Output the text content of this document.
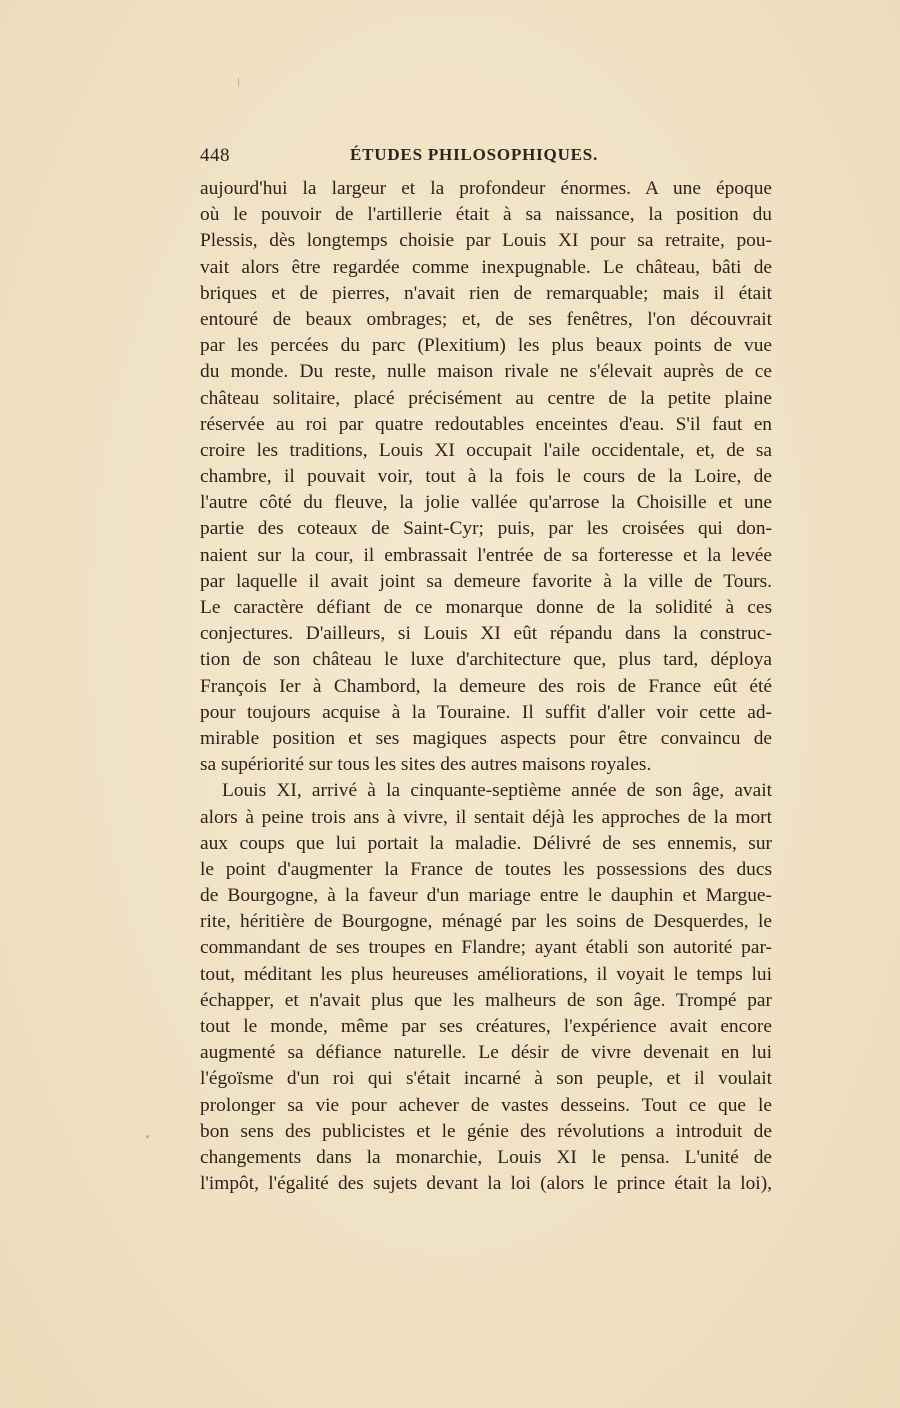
448	ÉTUDES PHILOSOPHIQUES.
aujourd'hui la largeur et la profondeur énormes. A une époque
où le pouvoir de l'artillerie était à sa naissance, la position du
Plessis, dès longtemps choisie par Louis XI pour sa retraite, pou-
vait alors être regardée comme inexpugnable. Le château, bâti de
briques et de pierres, n'avait rien de remarquable; mais il était
entouré de beaux ombrages; et, de ses fenêtres, l'on découvrait
par les percées du parc (Plexitium) les plus beaux points de vue
du monde. Du reste, nulle maison rivale ne s'élevait auprès de ce
château solitaire, placé précisément au centre de la petite plaine
réservée au roi par quatre redoutables enceintes d'eau. S'il faut en
croire les traditions, Louis XI occupait l'aile occidentale, et, de sa
chambre, il pouvait voir, tout à la fois le cours de la Loire, de
l'autre côté du fleuve, la jolie vallée qu'arrose la Choisille et une
partie des coteaux de Saint-Cyr; puis, par les croisées qui don-
naient sur la cour, il embrassait l'entrée de sa forteresse et la levée
par laquelle il avait joint sa demeure favorite à la ville de Tours.
Le caractère défiant de ce monarque donne de la solidité à ces
conjectures. D'ailleurs, si Louis XI eût répandu dans la construc-
tion de son château le luxe d'architecture que, plus tard, déploya
François Ier à Chambord, la demeure des rois de France eût été
pour toujours acquise à la Touraine. Il suffit d'aller voir cette ad-
mirable position et ses magiques aspects pour être convaincu de
sa supériorité sur tous les sites des autres maisons royales.
Louis XI, arrivé à la cinquante-septième année de son âge, avait
alors à peine trois ans à vivre, il sentait déjà les approches de la mort
aux coups que lui portait la maladie. Délivré de ses ennemis, sur
le point d'augmenter la France de toutes les possessions des ducs
de Bourgogne, à la faveur d'un mariage entre le dauphin et Margue-
rite, héritière de Bourgogne, ménagé par les soins de Desquerdes, le
commandant de ses troupes en Flandre; ayant établi son autorité par-
tout, méditant les plus heureuses améliorations, il voyait le temps lui
échapper, et n'avait plus que les malheurs de son âge. Trompé par
tout le monde, même par ses créatures, l'expérience avait encore
augmenté sa défiance naturelle. Le désir de vivre devenait en lui
l'égoïsme d'un roi qui s'était incarné à son peuple, et il voulait
prolonger sa vie pour achever de vastes desseins. Tout ce que le
bon sens des publicistes et le génie des révolutions a introduit de
changements dans la monarchie, Louis XI le pensa. L'unité de
l'impôt, l'égalité des sujets devant la loi (alors le prince était la loi),
